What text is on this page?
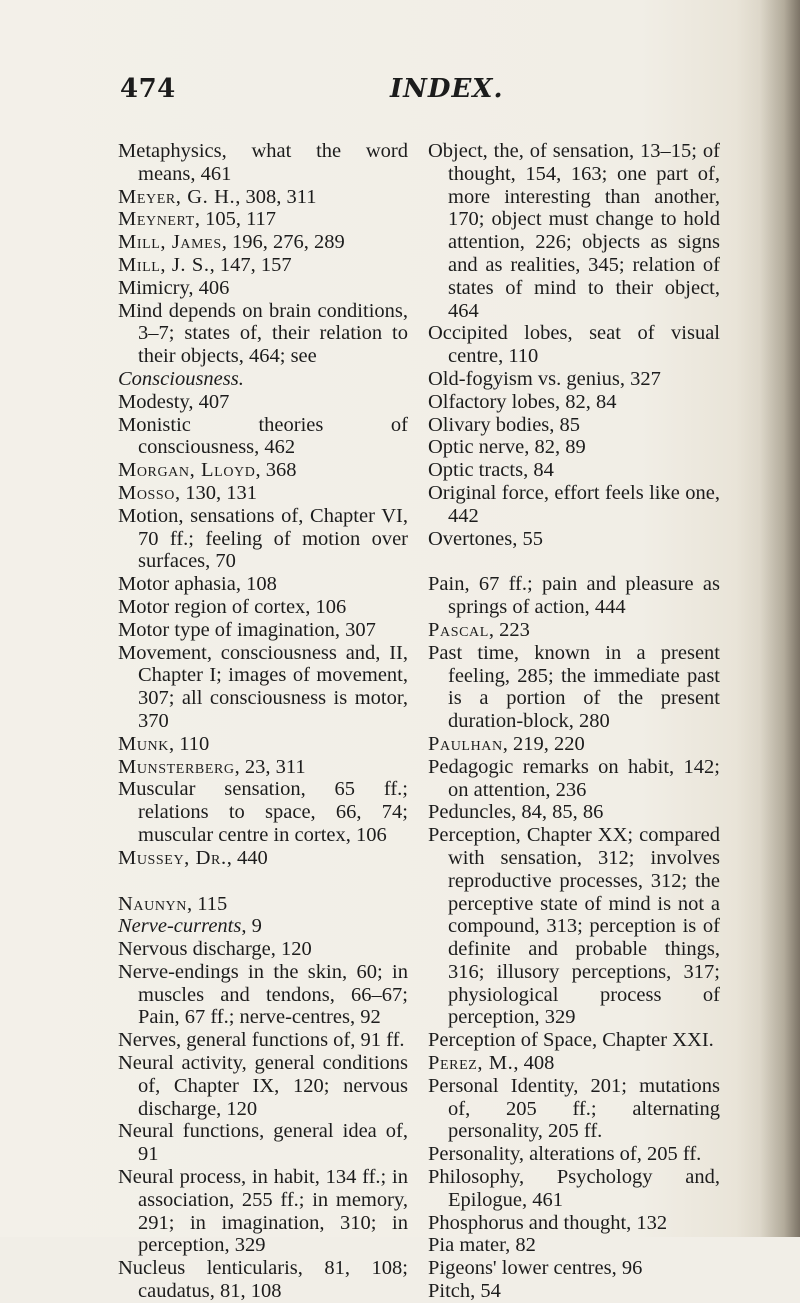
474	INDEX.

Metaphysics, what the word means, 461

Meyer, G. H., 308, 311

Meynert, 105, 117

Mill, James, 196, 276, 289

Mill, J. S., 147, 157

Mimicry, 406

Mind depends on brain conditions, 3–7; states of, their relation to their objects, 464; see

Consciousness.

Modesty, 407

Monistic theories of consciousness, 462

Morgan, Lloyd, 368

Mosso, 130, 131

Motion, sensations of, Chapter VI, 70 ff.; feeling of motion over surfaces, 70

Motor aphasia, 108

Motor region of cortex, 106

Motor type of imagination, 307

Movement, consciousness and, II, Chapter I; images of movement, 307; all consciousness is motor, 370

Munk, 110

Munsterberg, 23, 311

Muscular sensation, 65 ff.; relations to space, 66, 74; muscular centre in cortex, 106

Mussey, Dr., 440

Naunyn, 115

Nerve-currents, 9

Nervous discharge, 120

Nerve-endings in the skin, 60; in muscles and tendons, 66–67; Pain, 67 ff.; nerve-centres, 92

Nerves, general functions of, 91 ff.

Neural activity, general conditions of, Chapter IX, 120; nervous discharge, 120

Neural functions, general idea of, 91

Neural process, in habit, 134 ff.; in association, 255 ff.; in memory, 291; in imagination, 310; in perception, 329

Nucleus lenticularis, 81, 108; caudatus, 81, 108

Object, the, of sensation, 13–15; of thought, 154, 163; one part of, more interesting than another, 170; object must change to hold attention, 226; objects as signs and as realities, 345; relation of states of mind to their object, 464

Occipited lobes, seat of visual centre, 110

Old-fogyism vs. genius, 327

Olfactory lobes, 82, 84

Olivary bodies, 85

Optic nerve, 82, 89

Optic tracts, 84

Original force, effort feels like one, 442

Overtones, 55

Pain, 67 ff.; pain and pleasure as springs of action, 444

Pascal, 223

Past time, known in a present feeling, 285; the immediate past is a portion of the present duration-block, 280

Paulhan, 219, 220

Pedagogic remarks on habit, 142; on attention, 236

Peduncles, 84, 85, 86

Perception, Chapter XX; compared with sensation, 312; involves reproductive processes, 312; the perceptive state of mind is not a compound, 313; perception is of definite and probable things, 316; illusory perceptions, 317; physiological process of perception, 329

Perception of Space, Chapter XXI.

Perez, M., 408

Personal Identity, 201; mutations of, 205 ff.; alternating personality, 205 ff.

Personality, alterations of, 205 ff.

Philosophy, Psychology and, Epilogue, 461

Phosphorus and thought, 132

Pia mater, 82

Pigeons' lower centres, 96

Pitch, 54
